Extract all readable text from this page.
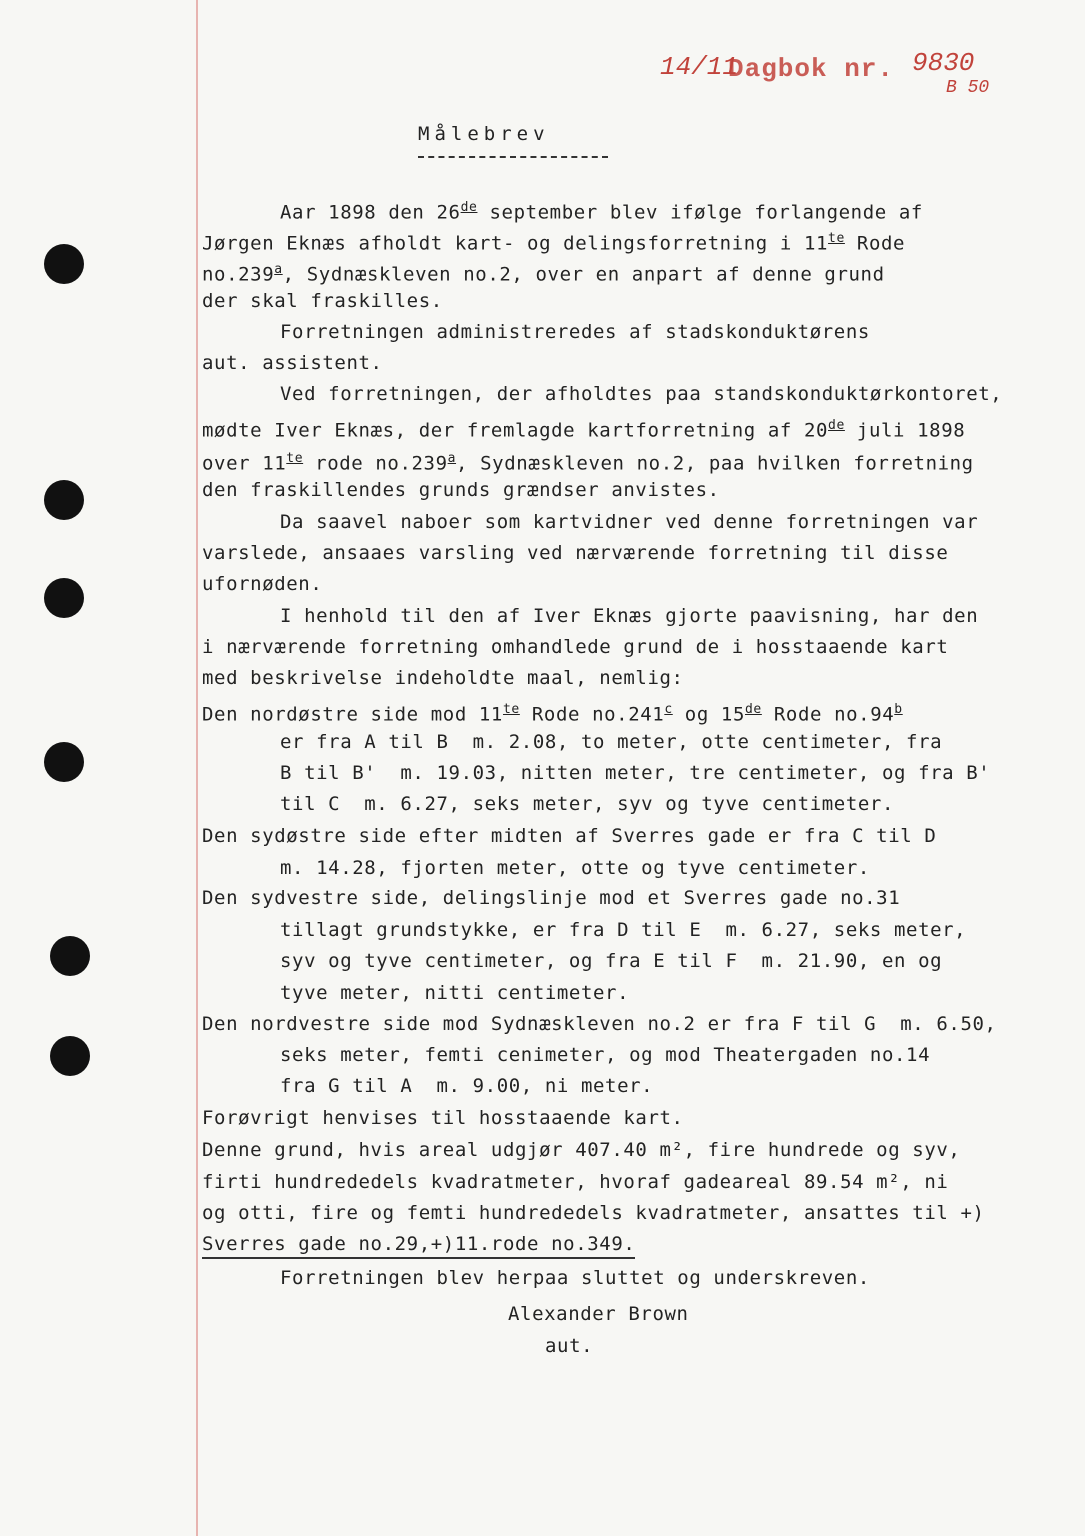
14/11
Dagbok nr. 9830
B 50
Målebrev
Aar 1898 den 26de september blev ifølge forlangende af
Jørgen Eknæs afholdt kart- og delingsforretning i $11^{te}$ Rode
no.239$^a$, Sydnæskleven no.2, over en anpart af denne grund
der skal fraskilles.
Forretningen administreredes af stadskonduktørens
aut. assistent.
Ved forretningen, der afholdtes paa standskonduktørkontoret,
mødte Iver Eknæs, der fremlagde kartforretning af 20de juli 1898
over $11^{te}$ rode no.239$^a$, Sydnæskleven no.2, paa hvilken forretning
den fraskillendes grunds grændser anvistes.
Da saavel naboer som kartvidner ved denne forretningen var
varslede, ansaaes varsling ved nærværende forretning til disse
ufornøden.
I henhold til den af Iver Eknæs gjorte paavisning, har den
i nærværende forretning omhandlede grund de i hosstaaende kart
med beskrivelse indeholdte maal, nemlig:
Den nordøstre side mod $11^{te}$ Rode no.241$^c$ og 15de Rode no.94$^b$
er fra A til B  m. 2.08, to meter, otte centimeter, fra
B til B'  m. 19.03, nitten meter, tre centimeter, og fra B'
til C  m. 6.27, seks meter, syv og tyve centimeter.
Den sydøstre side efter midten af Sverres gade er fra C til D
m. 14.28, fjorten meter, otte og tyve centimeter.
Den sydvestre side, delingslinje mod et Sverres gade no.31
tillagt grundstykke, er fra D til E  m. 6.27, seks meter,
syv og tyve centimeter, og fra E til F  m. 21.90, en og
tyve meter, nitti centimeter.
Den nordvestre side mod Sydnæskleven no.2 er fra F til G  m. 6.50,
seks meter, femti cenimeter, og mod Theatergaden no.14
fra G til A  m. 9.00, ni meter.
Forøvrigt henvises til hosstaaende kart.
Denne grund, hvis areal udgjør 407.40 m², fire hundrede og syv,
firti hundrededels kvadratmeter, hvoraf gadeareal 89.54 m², ni
og otti, fire og femti hundrededels kvadratmeter, ansattes til +)
Sverres gade no.29,+)11.rode no.349.
Forretningen blev herpaa sluttet og underskreven.
Alexander Brown
aut.
